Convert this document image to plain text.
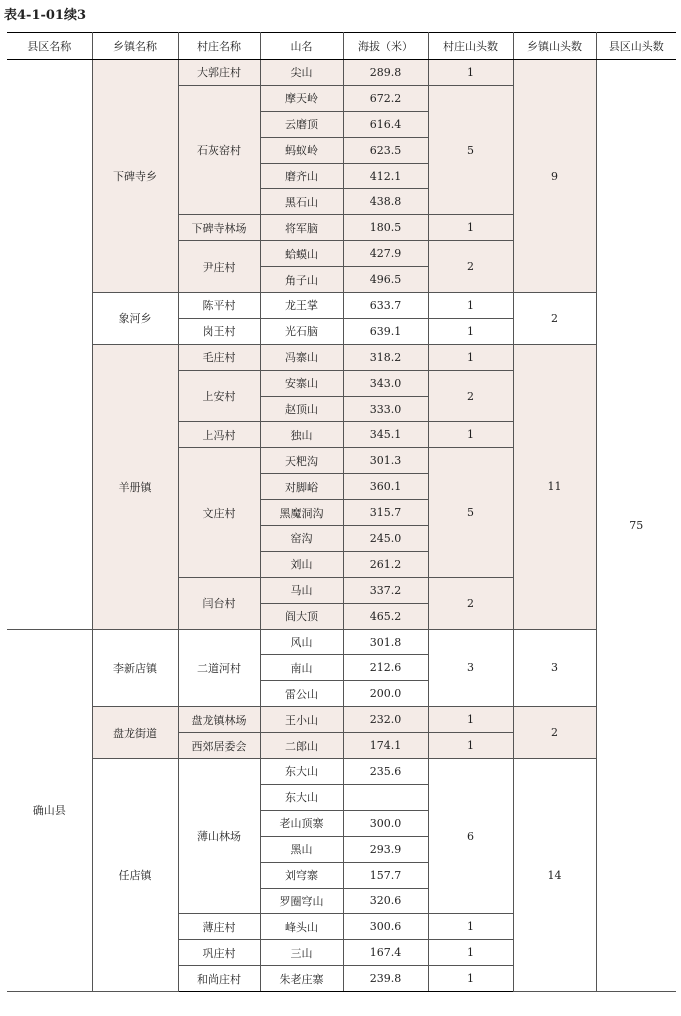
表4-1-01续3
县区名称	乡镇名称	村庄名称	山名	海拔（米）	村庄山头数	乡镇山头数	县区山头数
	下碑寺乡	大郭庄村	尖山	289.8	1	9	75
		石灰窑村	摩天岭	672.2	5		
			云磨顶	616.4			
			蚂蚁岭	623.5			
			磨齐山	412.1			
			黑石山	438.8			
		下碑寺林场	将军脑	180.5	1		
		尹庄村	蛤蟆山	427.9	2		
			角子山	496.5			
	象河乡	陈平村	龙王掌	633.7	1	2	
		岗王村	光石脑	639.1	1		
	羊册镇	毛庄村	冯寨山	318.2	1	11	
		上安村	安寨山	343.0	2		
			赵顶山	333.0			
		上冯村	独山	345.1	1		
		文庄村	天粑沟	301.3	5		
			对脚峪	360.1			
			黑魔洞沟	315.7			
			窑沟	245.0			
			刘山	261.2			
		闫台村	马山	337.2	2		
			阎大顶	465.2			
确山县	李新店镇	二道河村	风山	301.8	3	3	
			南山	212.6			
			雷公山	200.0			
	盘龙街道	盘龙镇林场	王小山	232.0	1	2	
		西郊居委会	二郎山	174.1	1		
	任店镇	薄山林场	东大山	235.6	6	14	
			东大山				
			老山顶寨	300.0			
			黑山	293.9			
			刘穹寨	157.7			
			罗圈穹山	320.6			
		薄庄村	峰头山	300.6	1		
		巩庄村	三山	167.4	1		
		和尚庄村	朱老庄寨	239.8	1		
